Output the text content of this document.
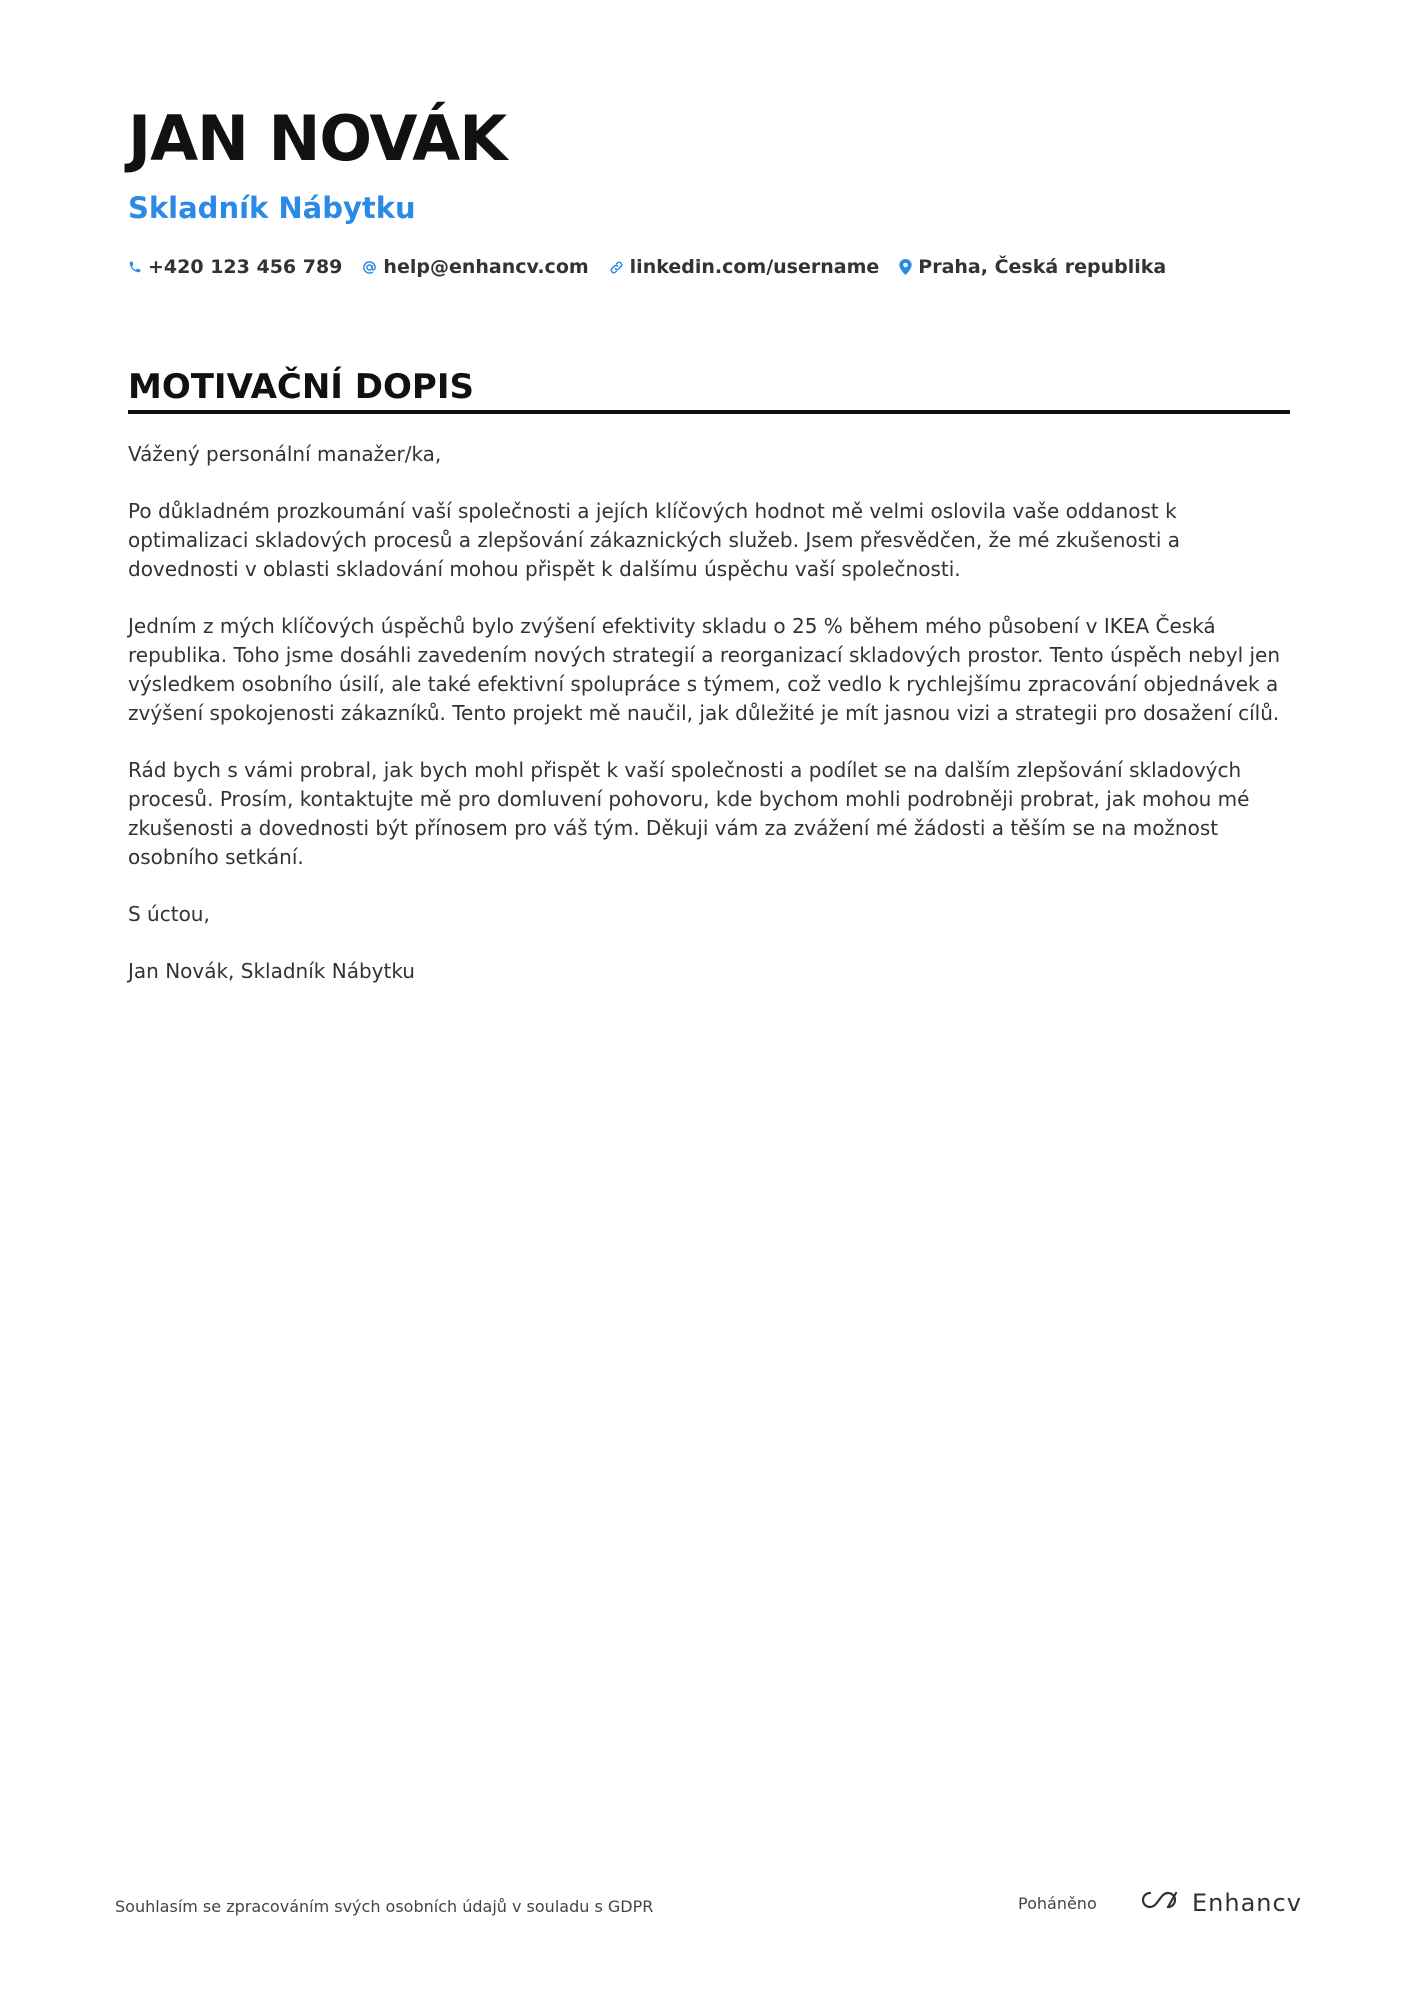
JAN NOVÁK
Skladník Nábytku
+420 123 456 789 help@enhancv.com linkedin.com/username Praha, Česká republika
MOTIVAČNÍ DOPIS

Vážený personální manažer/ka,

Po důkladném prozkoumání vaší společnosti a jejích klíčových hodnot mě velmi oslovila vaše oddanost k optimalizaci skladových procesů a zlepšování zákaznických služeb. Jsem přesvědčen, že mé zkušenosti a dovednosti v oblasti skladování mohou přispět k dalšímu úspěchu vaší společnosti.

Jedním z mých klíčových úspěchů bylo zvýšení efektivity skladu o 25 % během mého působení v IKEA Česká republika. Toho jsme dosáhli zavedením nových strategií a reorganizací skladových prostor. Tento úspěch nebyl jen výsledkem osobního úsilí, ale také efektivní spolupráce s týmem, což vedlo k rychlejšímu zpracování objednávek a zvýšení spokojenosti zákazníků. Tento projekt mě naučil, jak důležité je mít jasnou vizi a strategii pro dosažení cílů.

Rád bych s vámi probral, jak bych mohl přispět k vaší společnosti a podílet se na dalším zlepšování skladových procesů. Prosím, kontaktujte mě pro domluvení pohovoru, kde bychom mohli podrobněji probrat, jak mohou mé zkušenosti a dovednosti být přínosem pro váš tým. Děkuji vám za zvážení mé žádosti a těším se na možnost osobního setkání.

S úctou,

Jan Novák, Skladník Nábytku

Souhlasím se zpracováním svých osobních údajů v souladu s GDPR	Poháněno	Enhancv
